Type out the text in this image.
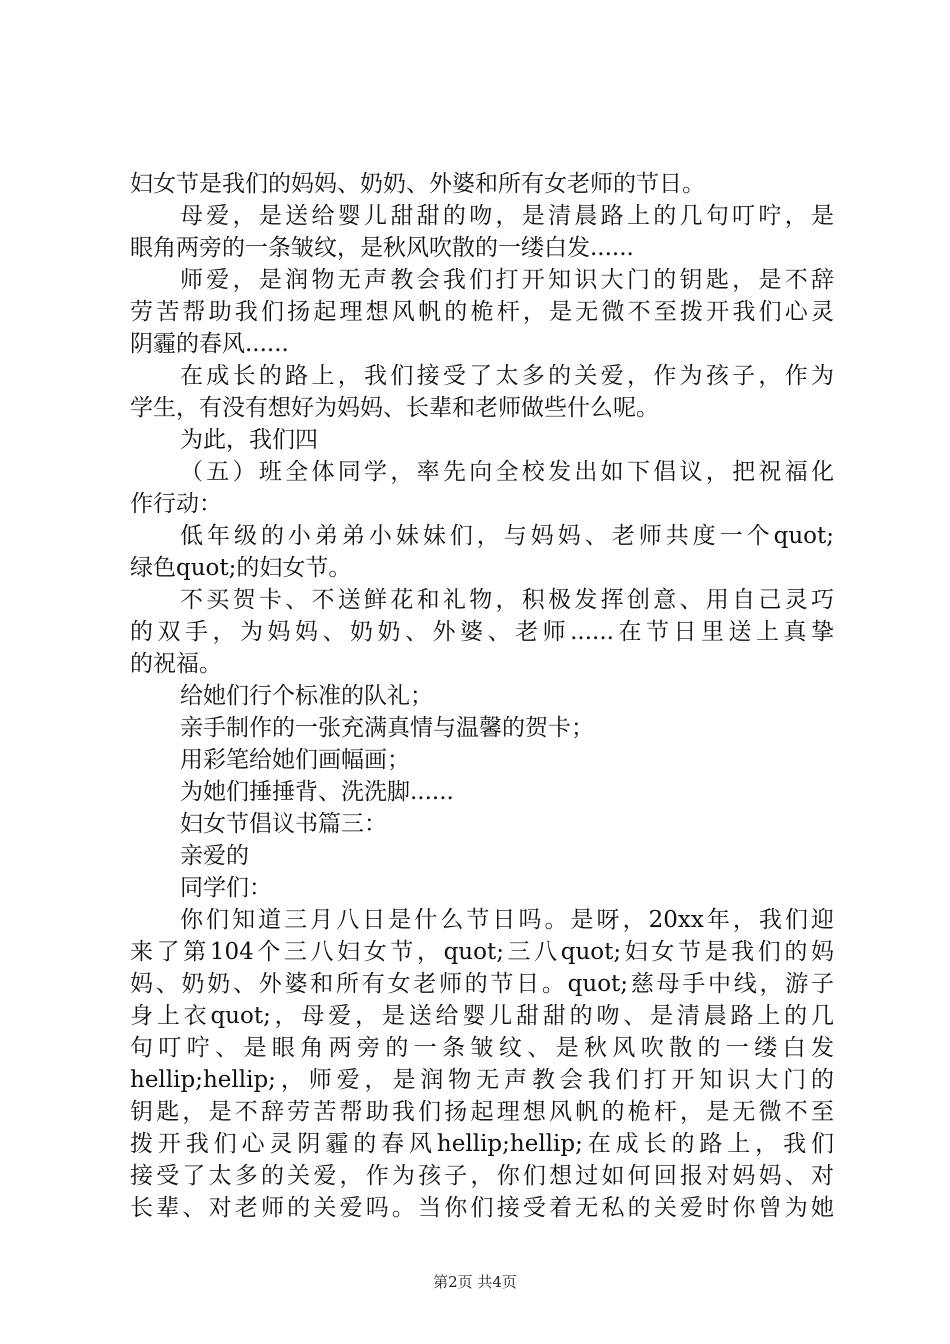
妇女节是我们的妈妈、奶奶、外婆和所有女老师的节日。
母爱，是送给婴儿甜甜的吻，是清晨路上的几句叮咛，是
眼角两旁的一条皱纹，是秋风吹散的一缕白发......
师爱，是润物无声教会我们打开知识大门的钥匙，是不辞
劳苦帮助我们扬起理想风帆的桅杆，是无微不至拨开我们心灵
阴霾的春风......
在成长的路上，我们接受了太多的关爱，作为孩子，作为
学生，有没有想好为妈妈、长辈和老师做些什么呢。
为此，我们四
（五）班全体同学，率先向全校发出如下倡议，把祝福化
作行动：
低年级的小弟弟小妹妹们，与妈妈、老师共度一个quot;
绿色quot;的妇女节。
不买贺卡、不送鲜花和礼物，积极发挥创意、用自己灵巧
的双手，为妈妈、奶奶、外婆、老师......在节日里送上真挚
的祝福。
给她们行个标准的队礼；
亲手制作的一张充满真情与温馨的贺卡；
用彩笔给她们画幅画；
为她们捶捶背、洗洗脚......
妇女节倡议书篇三：
亲爱的
同学们：
你们知道三月八日是什么节日吗。是呀，20xx年，我们迎
来了第104个三八妇女节，quot;三八quot;妇女节是我们的妈
妈、奶奶、外婆和所有女老师的节日。quot;慈母手中线，游子
身上衣quot;，母爱，是送给婴儿甜甜的吻、是清晨路上的几
句叮咛、是眼角两旁的一条皱纹、是秋风吹散的一缕白发
hellip;hellip;，师爱，是润物无声教会我们打开知识大门的
钥匙，是不辞劳苦帮助我们扬起理想风帆的桅杆，是无微不至
拨开我们心灵阴霾的春风hellip;hellip;在成长的路上，我们
接受了太多的关爱，作为孩子，你们想过如何回报对妈妈、对
长辈、对老师的关爱吗。当你们接受着无私的关爱时你曾为她
第2页 共4页
